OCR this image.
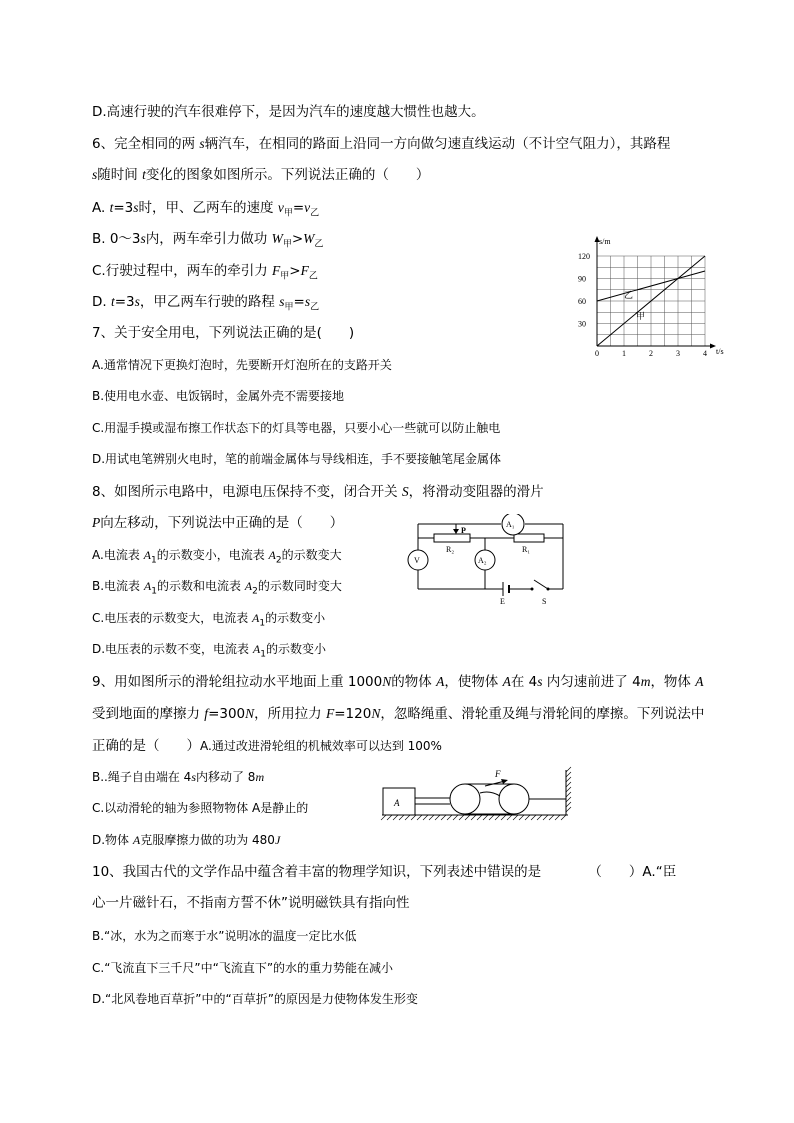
D.高速行驶的汽车很难停下，是因为汽车的速度越大惯性也越大。
6、完全相同的两 s辆汽车，在相同的路面上沿同一方向做匀速直线运动（不计空气阻力），其路程
s随时间 t变化的图象如图所示。下列说法正确的（　　）
A. t=3s时，甲、乙两车的速度 $v_甲=v_乙$
B. 0～3s内，两车牵引力做功 $W_甲>W_乙$
C.行驶过程中，两车的牵引力 $F_甲>F_乙$
D. t=3s，甲乙两车行驶的路程 $s_甲=s_乙$
7、关于安全用电，下列说法正确的是(　　)
A.通常情况下更换灯泡时，先要断开灯泡所在的支路开关
B.使用电水壶、电饭锅时，金属外壳不需要接地
C.用湿手摸或湿布擦工作状态下的灯具等电器，只要小心一些就可以防止触电
D.用试电笔辨别火电时，笔的前端金属体与导线相连，手不要接触笔尾金属体
8、如图所示电路中，电源电压保持不变，闭合开关 S，将滑动变阻器的滑片
P向左移动，下列说法中正确的是（　　）
A.电流表 $A_1$的示数变小，电流表 $A_2$的示数变大
B.电流表 $A_1$的示数和电流表 $A_2$的示数同时变大
C.电压表的示数变大，电流表 $A_1$的示数变小
D.电压表的示数不变，电流表 $A_1$的示数变小
9、用如图所示的滑轮组拉动水平地面上重 1000N的物体 A，使物体 A在 4s 内匀速前进了 4m，物体 A
受到地面的摩擦力 f=300N，所用拉力 F=120N，忽略绳重、滑轮重及绳与滑轮间的摩擦。下列说法中
正确的是（　　）A.通过改进滑轮组的机械效率可以达到 100%
B..绳子自由端在 4s内移动了 8m
C.以动滑轮的轴为参照物物体 A是静止的
D.物体 A克服摩擦力做的功为 480J
10、我国古代的文学作品中蕴含着丰富的物理学知识，下列表述中错误的是　　　　（　　）A.“臣
心一片磁针石，不指南方誓不休”说明磁铁具有指向性
B.“冰，水为之而寒于水”说明冰的温度一定比水低
C.“飞流直下三千尺”中“飞流直下”的水的重力势能在减小
D.“北风卷地百草折”中的“百草折”的原因是力使物体发生形变
120
90
60
30
0	1	2	3	4
s/m
t/s
甲
乙
P
R₂	R₁
A₁
A₂
V
E	S
A
F
